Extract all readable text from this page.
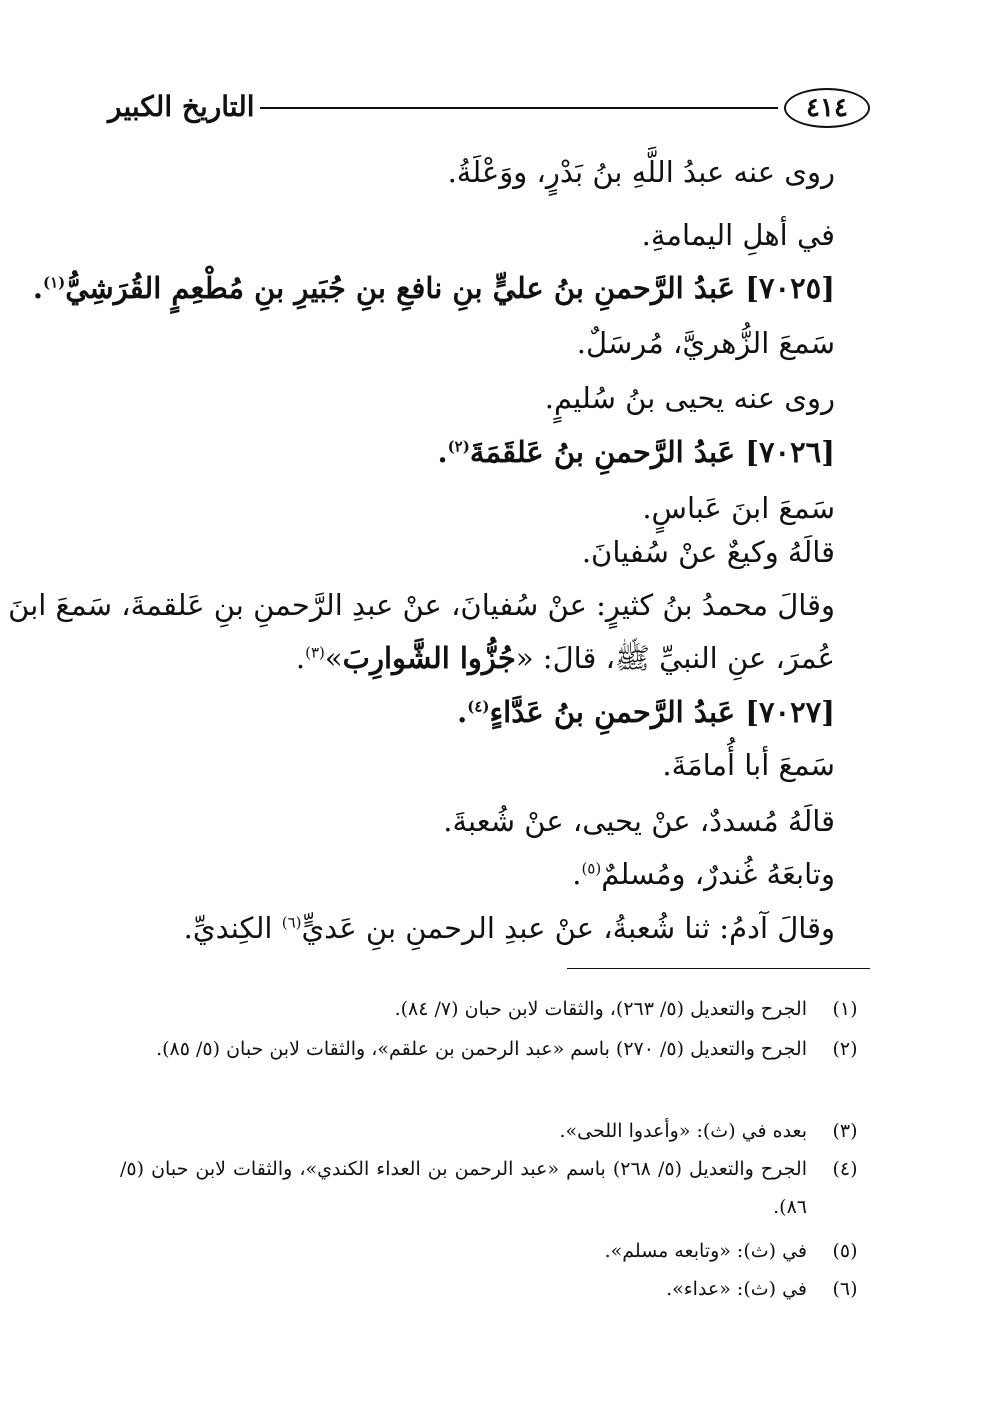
التاريخ الكبير	٤١٤
روى عنه عبدُ اللَّهِ بنُ بَدْرٍ، ووَعْلَةُ.
في أهلِ اليمامةِ.
[٧٠٢٥] عَبدُ الرَّحمنِ بنُ عليٍّ بنِ نافعِ بنِ جُبَيرِ بنِ مُطْعِمٍ القُرَشِيُّ$^{(١)}$.
سَمعَ الزُّهريَّ، مُرسَلٌ.
روى عنه يحيى بنُ سُليمٍ.
[٧٠٢٦] عَبدُ الرَّحمنِ بنُ عَلقَمَةَ$^{(٢)}$.
سَمعَ ابنَ عَباسٍ.
قالَهُ وكيعٌ عنْ سُفيانَ.
وقالَ محمدُ بنُ كثيرٍ: عنْ سُفيانَ، عنْ عبدِ الرَّحمنِ بنِ عَلقمةَ، سَمعَ ابنَ
عُمرَ، عنِ النبيِّ ﷺ، قالَ: «جُزُّوا الشَّوارِبَ»$^{(٣)}$.
[٧٠٢٧] عَبدُ الرَّحمنِ بنُ عَدَّاءٍ$^{(٤)}$.
سَمعَ أبا أُمامَةَ.
قالَهُ مُسددٌ، عنْ يحيى، عنْ شُعبةَ.
وتابعَهُ غُندرٌ، ومُسلمٌ$^{(٥)}$.
وقالَ آدمُ: ثنا شُعبةُ، عنْ عبدِ الرحمنِ بنِ عَديٍّ$^{(٦)}$ الكِنديِّ.
(١)
الجرح والتعديل (٥/ ٢٦٣)، والثقات لابن حبان (٧/ ٨٤).
(٢)
الجرح والتعديل (٥/ ٢٧٠) باسم «عبد الرحمن بن علقم»، والثقات لابن حبان (٥/ ٨٥).
(٣)
بعده في (ث): «وأعدوا اللحى».
(٤)
الجرح والتعديل (٥/ ٢٦٨) باسم «عبد الرحمن بن العداء الكندي»، والثقات لابن حبان (٥/ ٨٦).
(٥)
في (ث): «وتابعه مسلم».
(٦)
في (ث): «عداء».
